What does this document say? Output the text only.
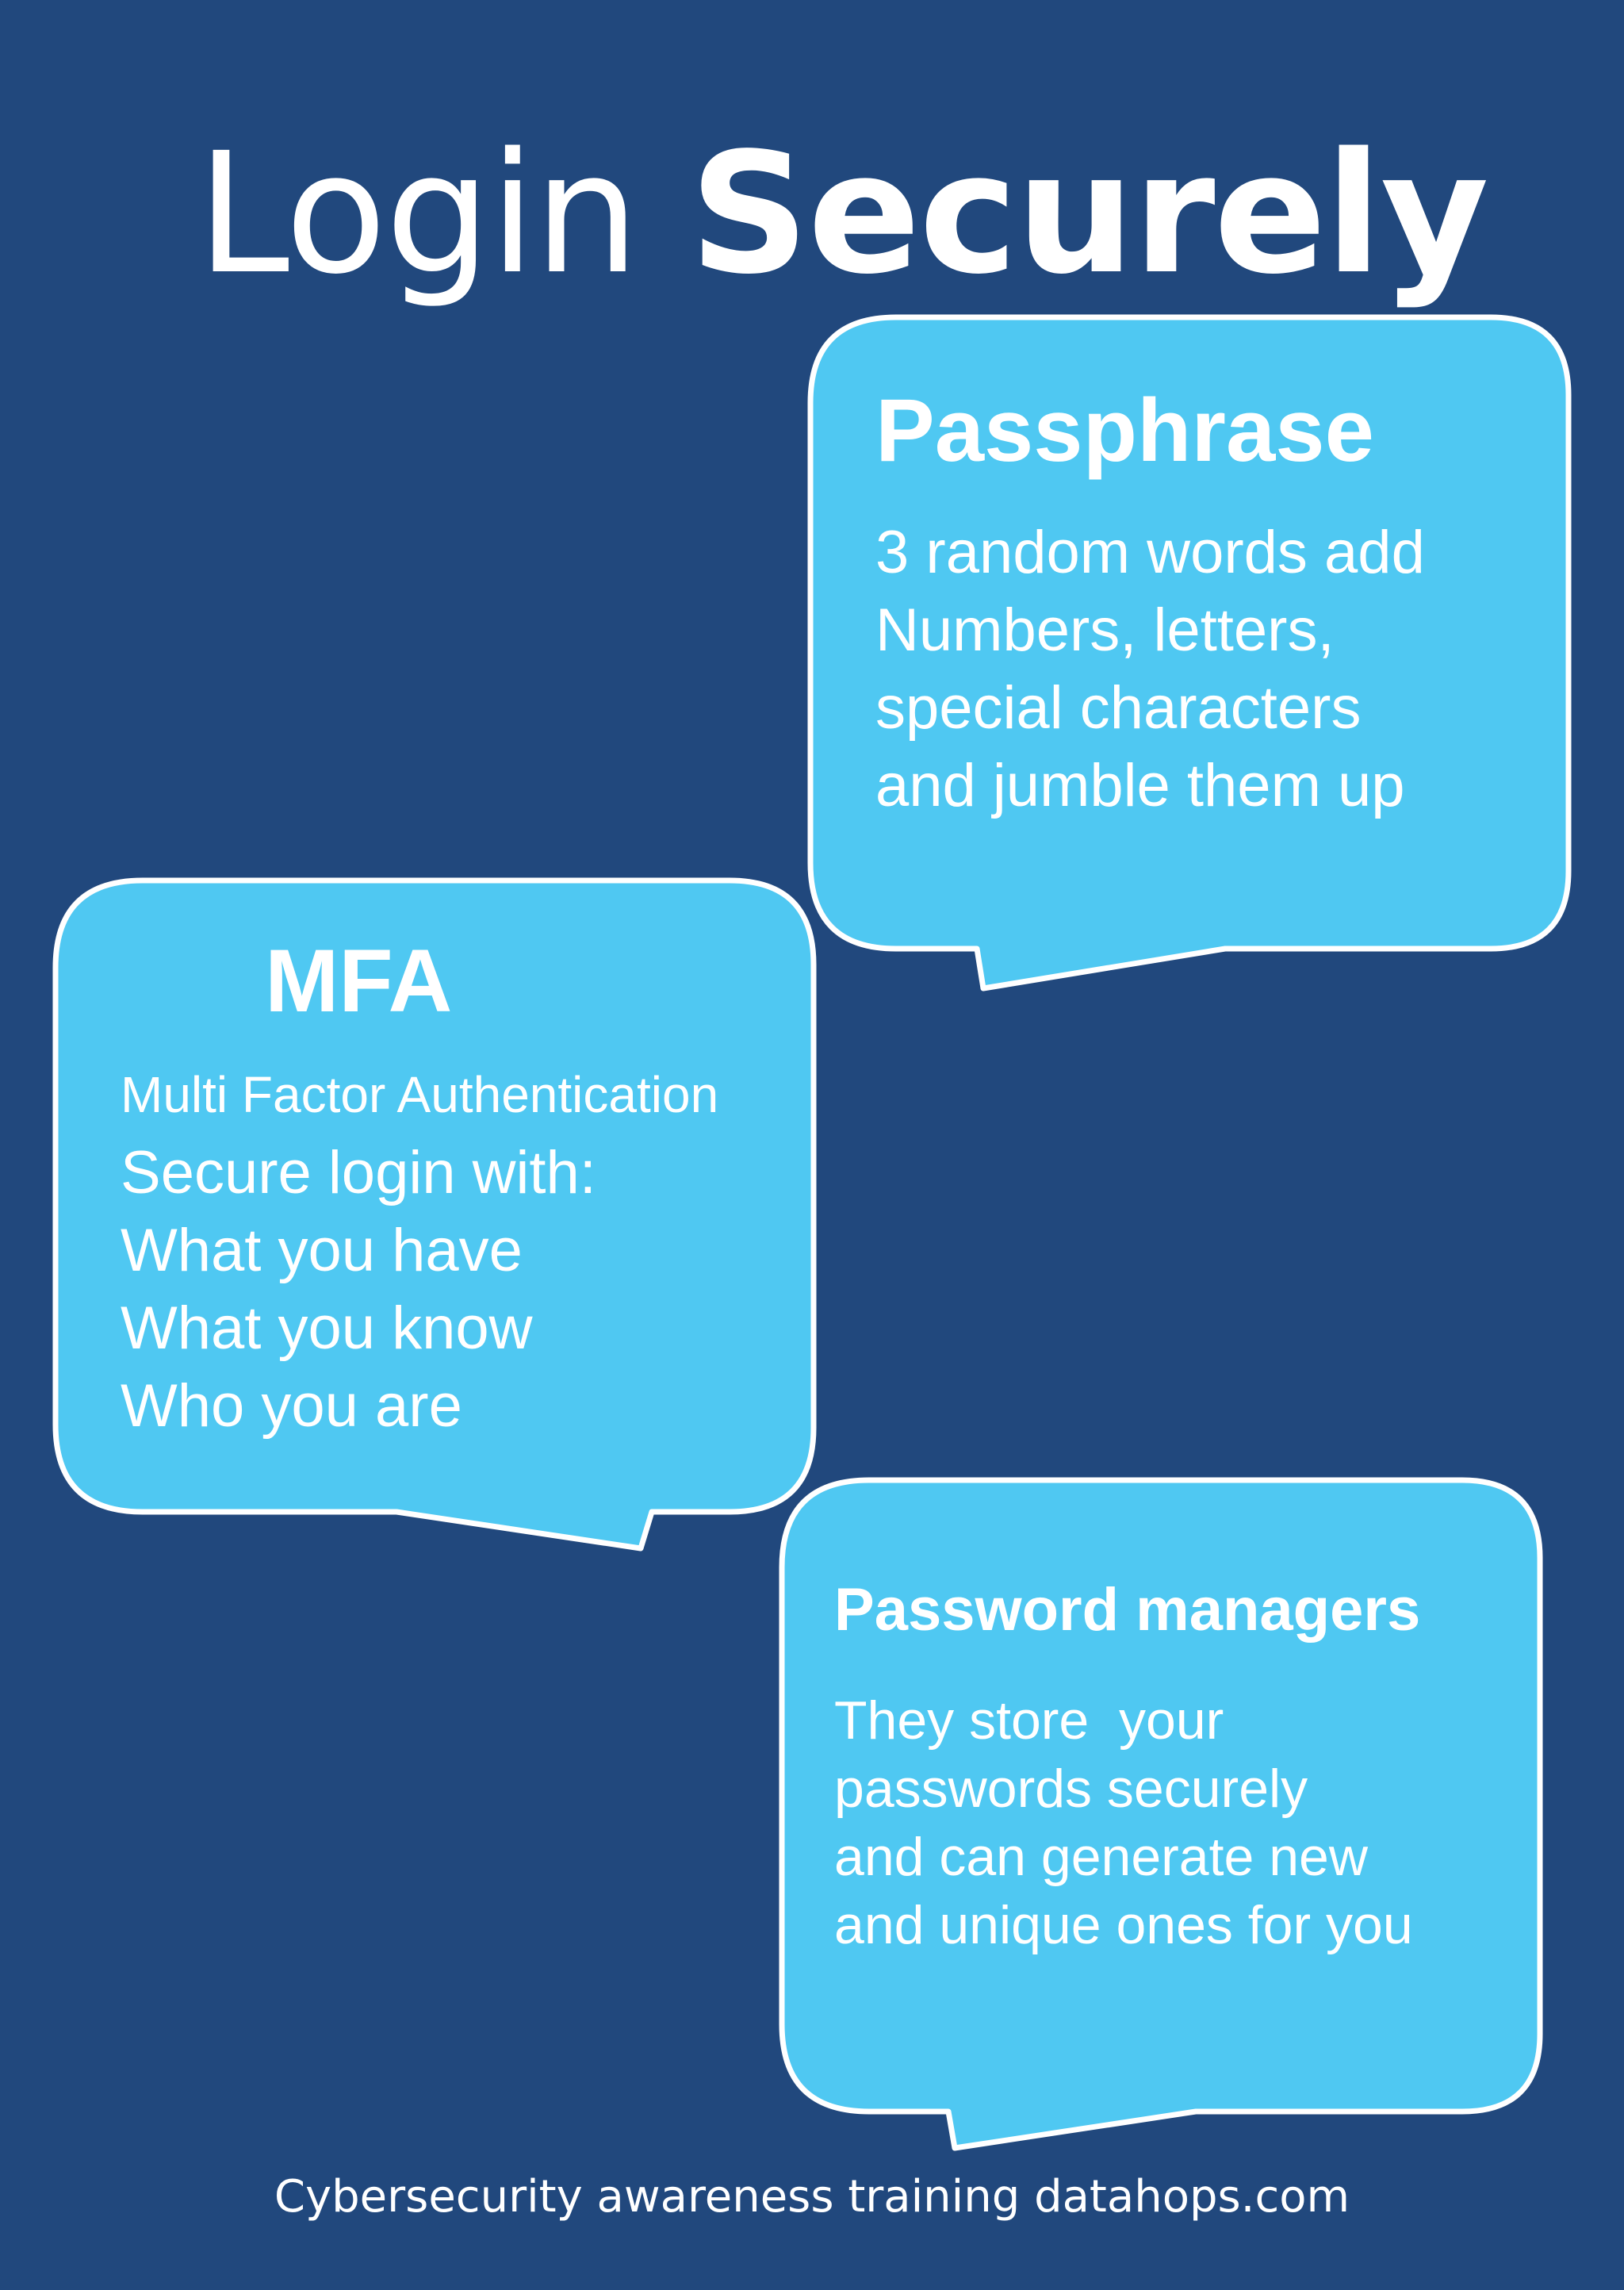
Login Securely
Passphrase
3 random words add
Numbers, letters,
special characters
and jumble them up
MFA
Multi Factor Authentication
Secure login with:
What you have
What you know
Who you are
Password managers
They store  your
passwords securely
and can generate new
and unique ones for you
Cybersecurity awareness training datahops.com
